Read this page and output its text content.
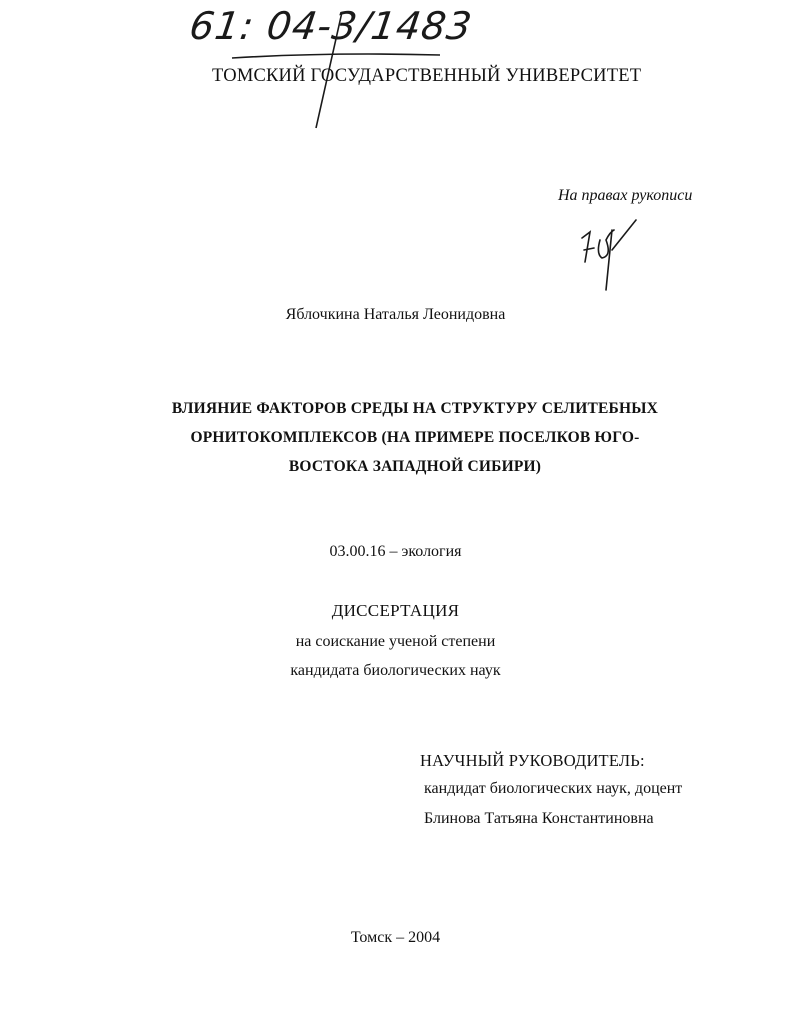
61: 04-3/1483
ТОМСКИЙ ГОСУДАРСТВЕННЫЙ УНИВЕРСИТЕТ
На правах рукописи
Яблочкина Наталья Леонидовна
ВЛИЯНИЕ ФАКТОРОВ СРЕДЫ НА СТРУКТУРУ СЕЛИТЕБНЫХ
ОРНИТОКОМПЛЕКСОВ (НА ПРИМЕРЕ ПОСЕЛКОВ ЮГО-
ВОСТОКА ЗАПАДНОЙ СИБИРИ)
03.00.16 – экология
ДИССЕРТАЦИЯ
на соискание ученой степени
кандидата биологических наук
НАУЧНЫЙ РУКОВОДИТЕЛЬ:
кандидат биологических наук, доцент
Блинова Татьяна Константиновна
Томск – 2004
